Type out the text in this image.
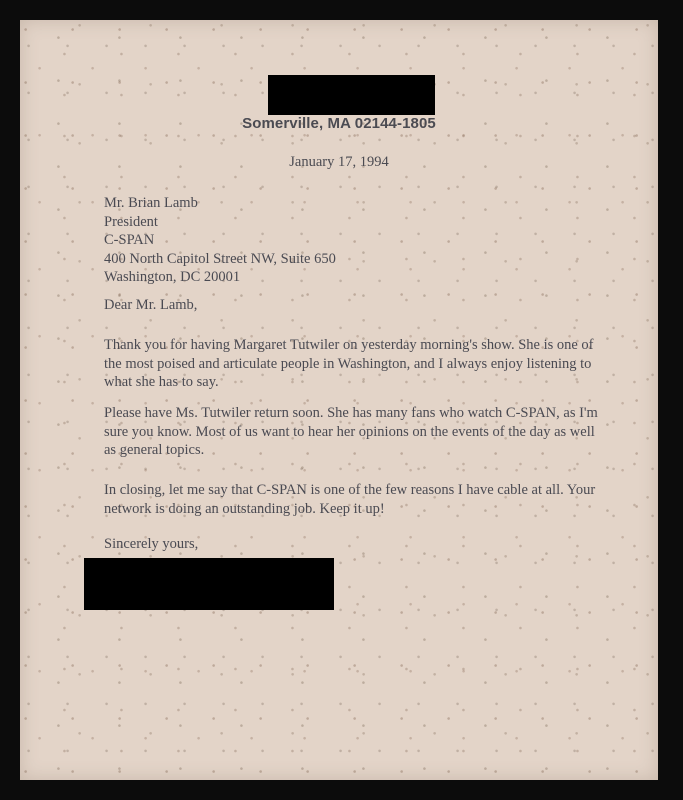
Somerville, MA 02144-1805
January 17, 1994
Mr. Brian Lamb
President
C-SPAN
400 North Capitol Street NW, Suite 650
Washington, DC 20001
Dear Mr. Lamb,

Thank you for having Margaret Tutwiler on yesterday morning's show. She is one of the most poised and articulate people in Washington, and I always enjoy listening to what she has to say.

Please have Ms. Tutwiler return soon. She has many fans who watch C-SPAN, as I'm sure you know. Most of us want to hear her opinions on the events of the day as well as general topics.

In closing, let me say that C-SPAN is one of the few reasons I have cable at all. Your network is doing an outstanding job. Keep it up!

Sincerely yours,
